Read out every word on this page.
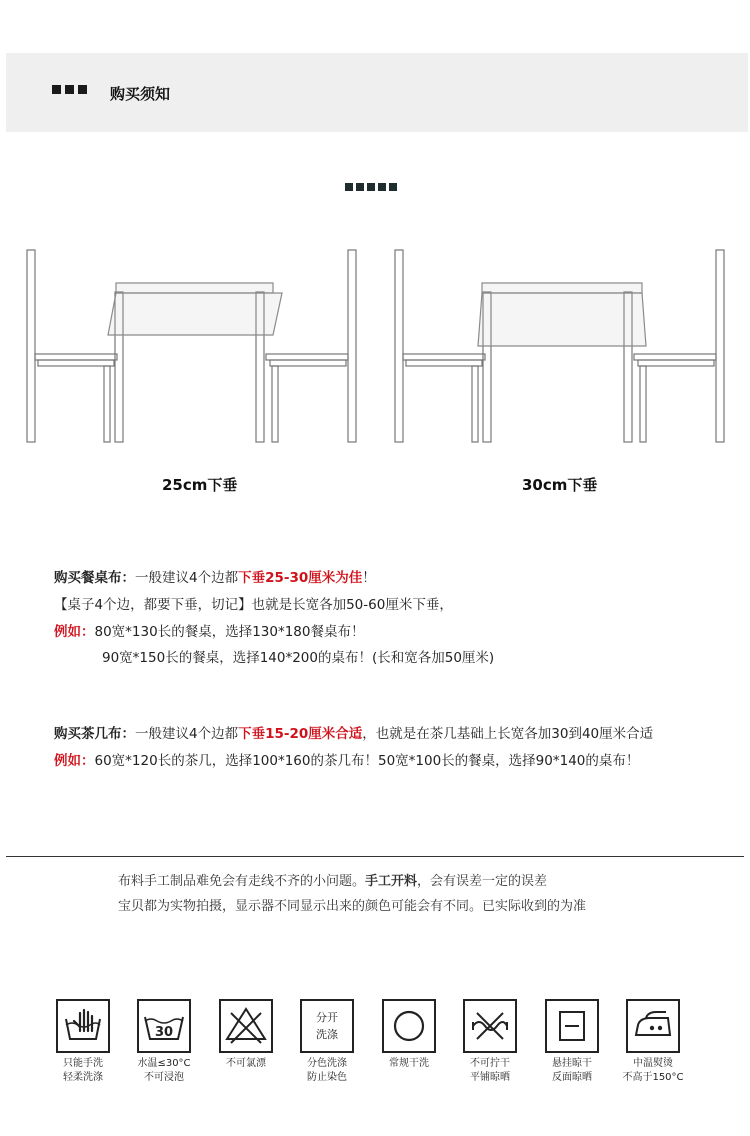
购买须知
25cm下垂	30cm下垂
购买餐桌布：一般建议4个边都下垂25-30厘米为佳！
【桌子4个边，都要下垂，切记】也就是长宽各加50-60厘米下垂，
例如：80宽*130长的餐桌，选择130*180餐桌布！
90宽*150长的餐桌，选择140*200的桌布！(长和宽各加50厘米)
购买茶几布：一般建议4个边都下垂15-20厘米合适，也就是在茶几基础上长宽各加30到40厘米合适
例如：60宽*120长的茶几，选择100*160的茶几布！50宽*100长的餐桌，选择90*140的桌布！
布料手工制品难免会有走线不齐的小问题。手工开料，会有误差一定的误差
宝贝都为实物拍摄，显示器不同显示出来的颜色可能会有不同。已实际收到的为准
只能手洗
轻柔洗涤
30
水温≤30°C
不可浸泡
不可氯漂
分开
洗涤
分色洗涤
防止染色
常规干洗	不可拧干
平铺晾晒
悬挂晾干
反面晾晒
中温熨烫
不高于150°C
